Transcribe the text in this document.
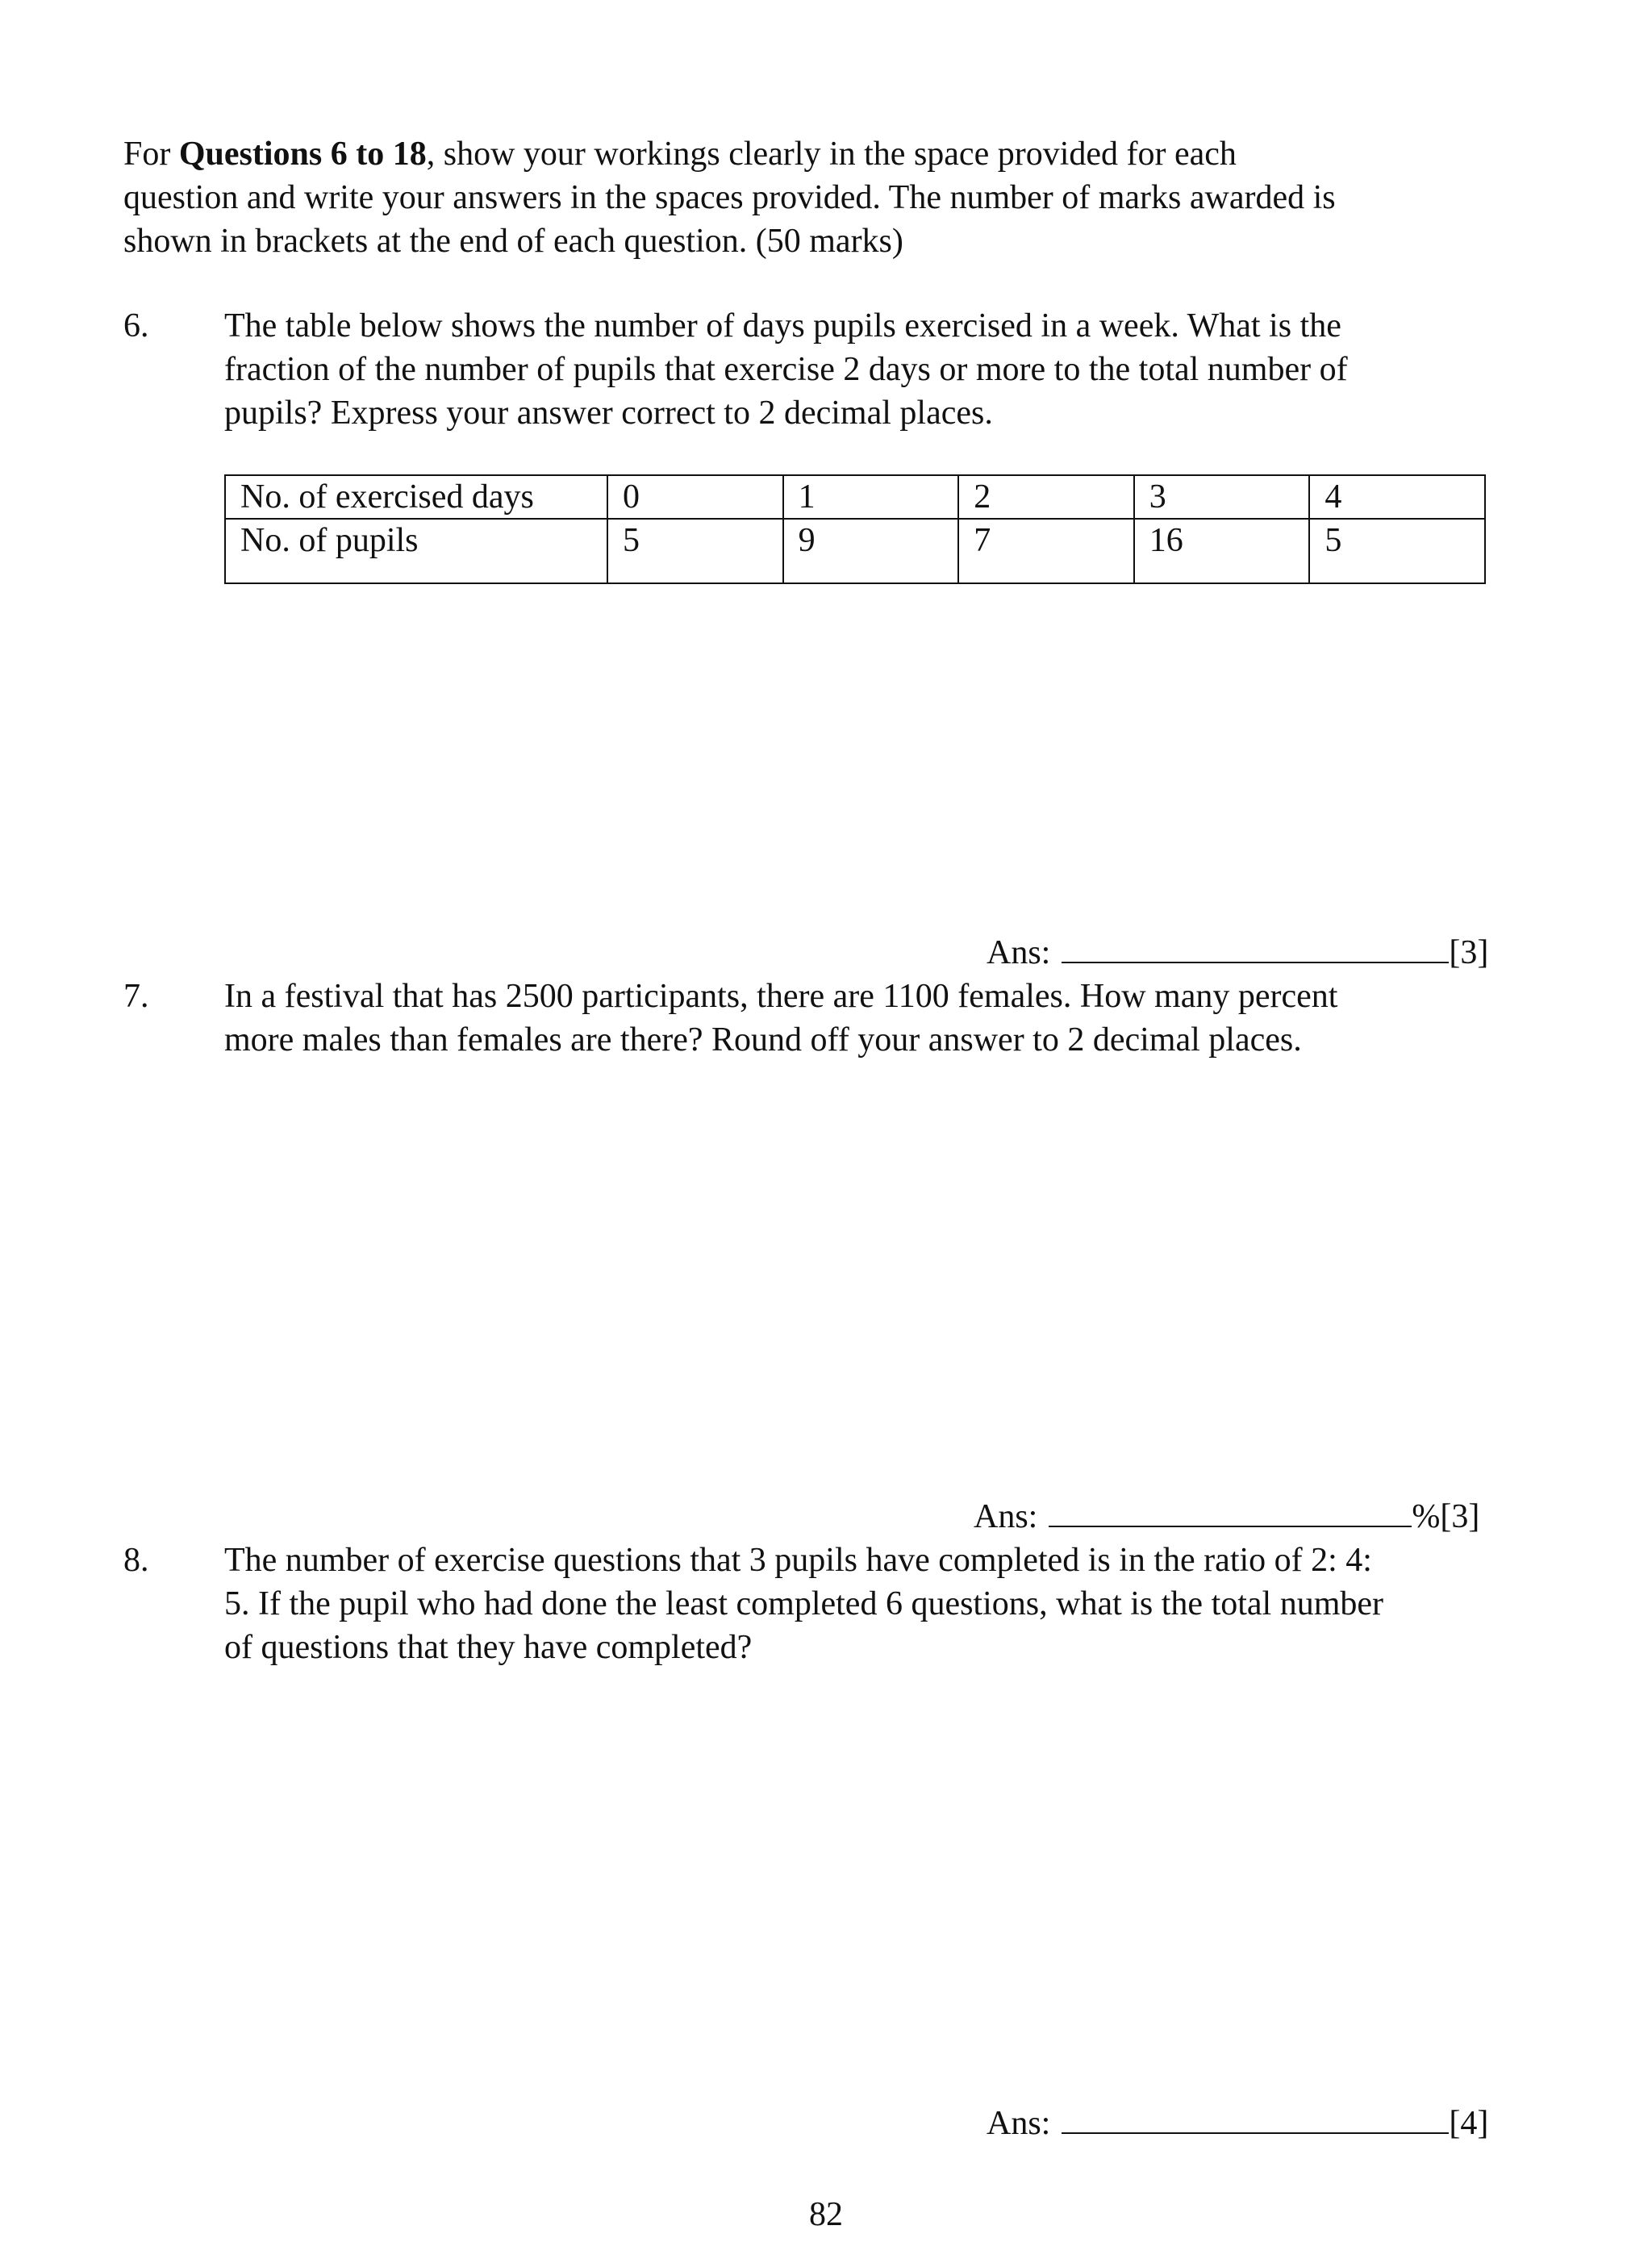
For Questions 6 to 18, show your workings clearly in the space provided for each
question and write your answers in the spaces provided. The number of marks awarded is
shown in brackets at the end of each question. (50 marks)
6.	The table below shows the number of days pupils exercised in a week. What is the
fraction of the number of pupils that exercise 2 days or more to the total number of
pupils? Express your answer correct to 2 decimal places.
No. of exercised days	0	1	2	3	4
No. of pupils	5	9	7	16	5
Ans:	[3]
7.	In a festival that has 2500 participants, there are 1100 females. How many percent
more males than females are there? Round off your answer to 2 decimal places.
Ans:	%[3]
8.	The number of exercise questions that 3 pupils have completed is in the ratio of 2: 4:
5. If the pupil who had done the least completed 6 questions, what is the total number
of questions that they have completed?
Ans:	[4]
82
